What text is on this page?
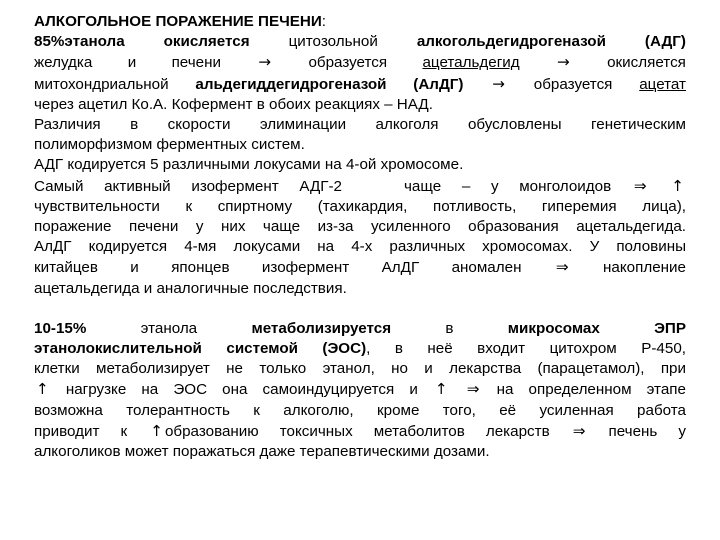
АЛКОГОЛЬНОЕ ПОРАЖЕНИЕ ПЕЧЕНИ:
85%этанола окисляется	цитозольной	алкогольдегидрогеназой	(АДГ)
желудка и печени → образуется ацетальдегид → окисляется
митохондриальной альдегиддегидрогеназой (АлДГ) → образуется ацетат
через ацетил Ко.А. Кофермент в обоих реакциях – НАД.
Различия в скорости элиминации алкоголя обусловлены генетическим
полиморфизмом ферментных систем.
АДГ кодируется 5 различными локусами на 4-ой хромосоме.
Самый активный изофермент АДГ-2   чаще – у монголоидов ⇒ ↑
чувствительности к спиртному (тахикардия, потливость, гиперемия лица),
поражение печени у них чаще из-за усиленного образования ацетальдегида.
АлДГ кодируется 4-мя локусами на 4-х различных хромосомах. У половины
китайцев и японцев изофермент АлДГ аномален ⇒ накопление
ацетальдегида и аналогичные последствия.
10-15%	этанола	метаболизируется	в	микросомах	ЭПР
этанолокислительной системой (ЭОС), в неё входит цитохром Р-450,
клетки метаболизирует не только этанол, но и лекарства (парацетамол), при
↑ нагрузке на ЭОС она самоиндуцируется и ↑ ⇒ на определенном этапе
возможна толерантность к алкоголю, кроме того, её усиленная работа
приводит к ↑ образованию токсичных метаболитов лекарств ⇒ печень у
алкоголиков может поражаться даже терапевтическими дозами.
